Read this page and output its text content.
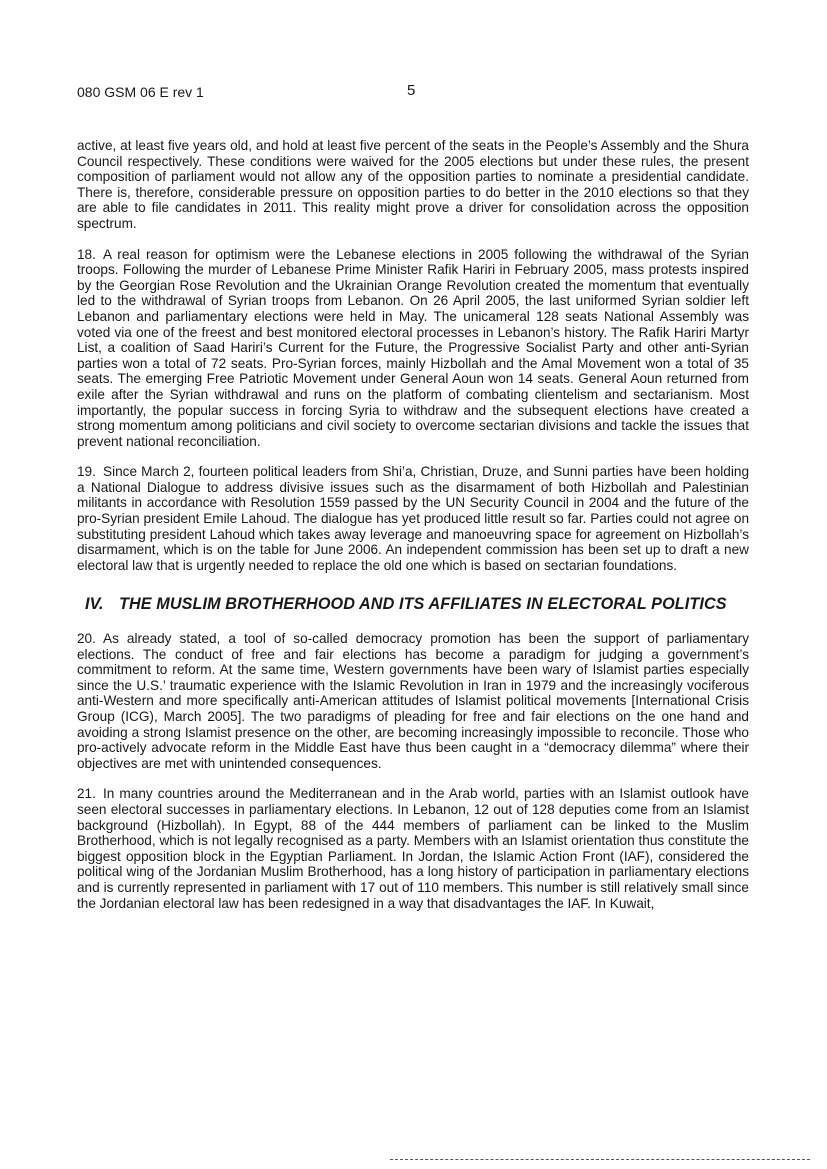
080 GSM 06 E rev 1	5

active, at least five years old, and hold at least five percent of the seats in the People’s Assembly and the Shura Council respectively. These conditions were waived for the 2005 elections but under these rules, the present composition of parliament would not allow any of the opposition parties to nominate a presidential candidate. There is, therefore, considerable pressure on opposition parties to do better in the 2010 elections so that they are able to file candidates in 2011. This reality might prove a driver for consolidation across the opposition spectrum.

18. A real reason for optimism were the Lebanese elections in 2005 following the withdrawal of the Syrian troops. Following the murder of Lebanese Prime Minister Rafik Hariri in February 2005, mass protests inspired by the Georgian Rose Revolution and the Ukrainian Orange Revolution created the momentum that eventually led to the withdrawal of Syrian troops from Lebanon. On 26 April 2005, the last uniformed Syrian soldier left Lebanon and parliamentary elections were held in May. The unicameral 128 seats National Assembly was voted via one of the freest and best monitored electoral processes in Lebanon’s history. The Rafik Hariri Martyr List, a coalition of Saad Hariri’s Current for the Future, the Progressive Socialist Party and other anti-Syrian parties won a total of 72 seats. Pro-Syrian forces, mainly Hizbollah and the Amal Movement won a total of 35 seats. The emerging Free Patriotic Movement under General Aoun won 14 seats. General Aoun returned from exile after the Syrian withdrawal and runs on the platform of combating clientelism and sectarianism. Most importantly, the popular success in forcing Syria to withdraw and the subsequent elections have created a strong momentum among politicians and civil society to overcome sectarian divisions and tackle the issues that prevent national reconciliation.

19. Since March 2, fourteen political leaders from Shi’a, Christian, Druze, and Sunni parties have been holding a National Dialogue to address divisive issues such as the disarmament of both Hizbollah and Palestinian militants in accordance with Resolution 1559 passed by the UN Security Council in 2004 and the future of the pro-Syrian president Emile Lahoud. The dialogue has yet produced little result so far. Parties could not agree on substituting president Lahoud which takes away leverage and manoeuvring space for agreement on Hizbollah’s disarmament, which is on the table for June 2006. An independent commission has been set up to draft a new electoral law that is urgently needed to replace the old one which is based on sectarian foundations.

IV. THE MUSLIM BROTHERHOOD AND ITS AFFILIATES IN ELECTORAL POLITICS

20. As already stated, a tool of so-called democracy promotion has been the support of parliamentary elections. The conduct of free and fair elections has become a paradigm for judging a government’s commitment to reform. At the same time, Western governments have been wary of Islamist parties especially since the U.S.’ traumatic experience with the Islamic Revolution in Iran in 1979 and the increasingly vociferous anti-Western and more specifically anti-American attitudes of Islamist political movements [International Crisis Group (ICG), March 2005]. The two paradigms of pleading for free and fair elections on the one hand and avoiding a strong Islamist presence on the other, are becoming increasingly impossible to reconcile. Those who pro-actively advocate reform in the Middle East have thus been caught in a “democracy dilemma” where their objectives are met with unintended consequences.

21. In many countries around the Mediterranean and in the Arab world, parties with an Islamist outlook have seen electoral successes in parliamentary elections. In Lebanon, 12 out of 128 deputies come from an Islamist background (Hizbollah). In Egypt, 88 of the 444 members of parliament can be linked to the Muslim Brotherhood, which is not legally recognised as a party. Members with an Islamist orientation thus constitute the biggest opposition block in the Egyptian Parliament. In Jordan, the Islamic Action Front (IAF), considered the political wing of the Jordanian Muslim Brotherhood, has a long history of participation in parliamentary elections and is currently represented in parliament with 17 out of 110 members. This number is still relatively small since the Jordanian electoral law has been redesigned in a way that disadvantages the IAF. In Kuwait,
